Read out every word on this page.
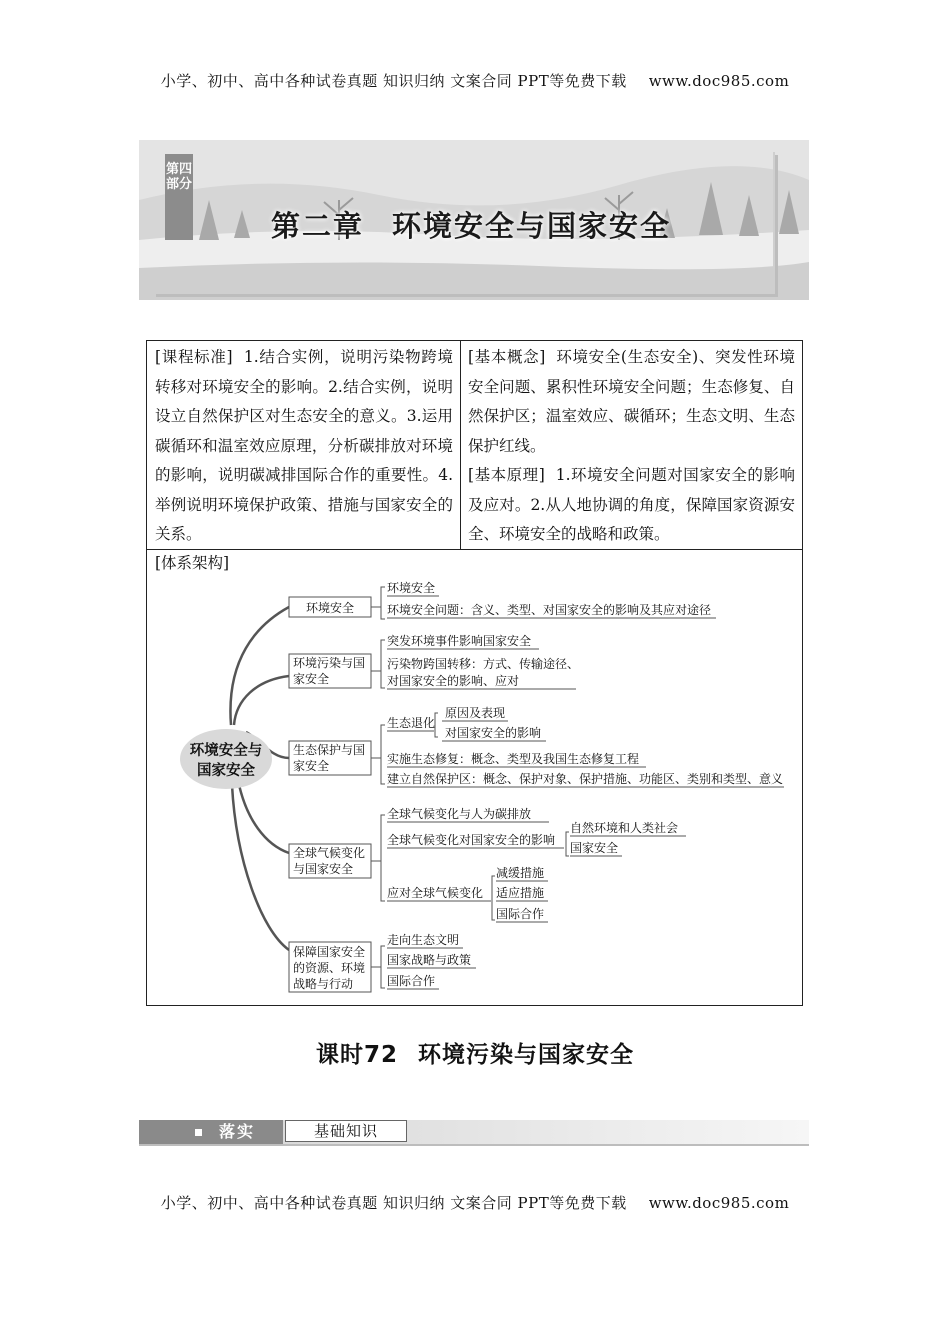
小学、初中、高中各种试卷真题 知识归纳 文案合同 PPT等免费下载 www.doc985.com
第四部分
第二章 环境安全与国家安全
[课程标准] 1.结合实例，说明污染物跨境转移对环境安全的影响。2.结合实例，说明设立自然保护区对生态安全的意义。3.运用碳循环和温室效应原理，分析碳排放对环境的影响，说明碳减排国际合作的重要性。4.举例说明环境保护政策、措施与国家安全的关系。
[基本概念] 环境安全(生态安全)、突发性环境安全问题、累积性环境安全问题；生态修复、自然保护区；温室效应、碳循环；生态文明、生态保护红线。
[基本原理] 1.环境安全问题对国家安全的影响及应对。2.从人地协调的角度，保障国家资源安全、环境安全的战略和政策。
[体系架构]
环境安全与
国家安全
环境安全
环境安全
环境安全问题：含义、类型、对国家安全的影响及其应对途径
环境污染与国
家安全
突发环境事件影响国家安全
污染物跨国转移：方式、传输途径、
对国家安全的影响、应对
生态保护与国
家安全
生态退化
原因及表现
对国家安全的影响
实施生态修复：概念、类型及我国生态修复工程
建立自然保护区：概念、保护对象、保护措施、功能区、类别和类型、意义
全球气候变化
与国家安全
全球气候变化与人为碳排放
全球气候变化对国家安全的影响
自然环境和人类社会
国家安全
应对全球气候变化
减缓措施
适应措施
国际合作
保障国家安全
的资源、环境
战略与行动
走向生态文明
国家战略与政策
国际合作
课时72 环境污染与国家安全
落实	基础知识
小学、初中、高中各种试卷真题 知识归纳 文案合同 PPT等免费下载 www.doc985.com
